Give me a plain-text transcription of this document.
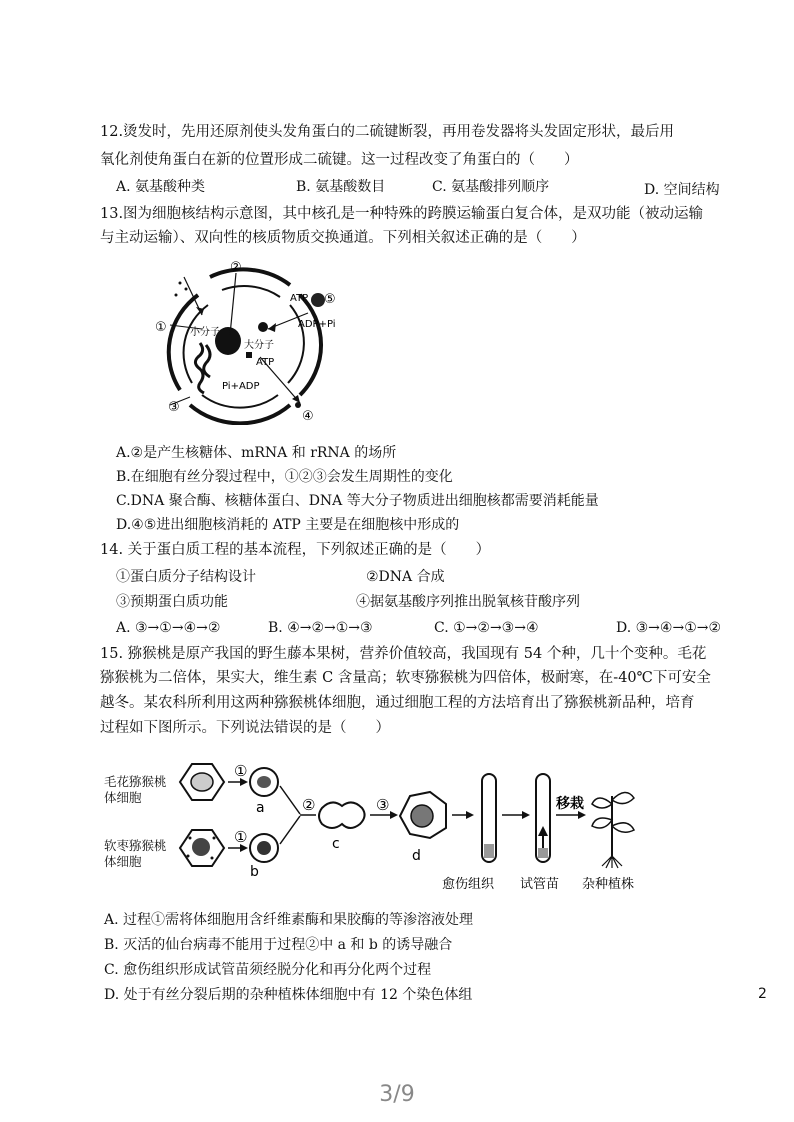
12.烫发时，先用还原剂使头发角蛋白的二硫键断裂，再用卷发器将头发固定形状，最后用
氧化剂使角蛋白在新的位置形成二硫键。这一过程改变了角蛋白的（　　）
A. 氨基酸种类	B. 氨基酸数目	C. 氨基酸排列顺序	D. 空间结构
13.图为细胞核结构示意图，其中核孔是一种特殊的跨膜运输蛋白复合体，是双功能（被动运输
与主动运输）、双向性的核质物质交换通道。下列相关叙述正确的是（　　）
②
①
③
④
⑤
小分子
大分子
ATP
ADP+Pi
ATP
Pi+ADP
A.②是产生核糖体、mRNA 和 rRNA 的场所
B.在细胞有丝分裂过程中，①②③会发生周期性的变化
C.DNA 聚合酶、核糖体蛋白、DNA 等大分子物质进出细胞核都需要消耗能量
D.④⑤进出细胞核消耗的 ATP 主要是在细胞核中形成的
14. 关于蛋白质工程的基本流程，下列叙述正确的是（　　）
①蛋白质分子结构设计	②DNA 合成
③预期蛋白质功能	④据氨基酸序列推出脱氧核苷酸序列
A. ③→①→④→②	B. ④→②→①→③	C. ①→②→③→④	D. ③→④→①→②
15. 猕猴桃是原产我国的野生藤本果树，营养价值较高，我国现有 54 个种，几十个变种。毛花
猕猴桃为二倍体，果实大，维生素 C 含量高；软枣猕猴桃为四倍体，极耐寒，在-40℃下可安全
越冬。某农科所利用这两种猕猴桃体细胞，通过细胞工程的方法培育出了猕猴桃新品种，培育
过程如下图所示。下列说法错误的是（　　）
①
①
②	③
a
b
c
d
移栽
愈伤组织 试管苗 杂种植株
毛花猕猴桃
体细胞
软枣猕猴桃
体细胞
A. 过程①需将体细胞用含纤维素酶和果胶酶的等渗溶液处理
B. 灭活的仙台病毒不能用于过程②中 a 和 b 的诱导融合
C. 愈伤组织形成试管苗须经脱分化和再分化两个过程
D. 处于有丝分裂后期的杂种植株体细胞中有 12 个染色体组	2
3/9
